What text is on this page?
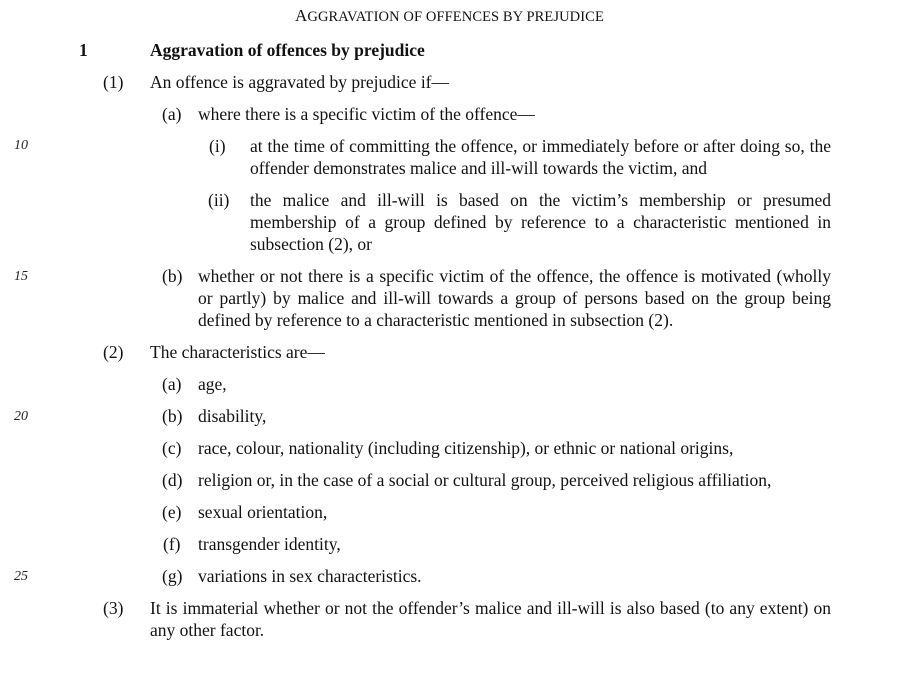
AGGRAVATION OF OFFENCES BY PREJUDICE
1	Aggravation of offences by prejudice
10
15
20
25
(1) An offence is aggravated by prejudice if—
(a) where there is a specific victim of the offence—
(i) at the time of committing the offence, or immediately before or after doing so, the offender demonstrates malice and ill-will towards the victim, and
(ii) the malice and ill-will is based on the victim’s membership or presumed membership of a group defined by reference to a characteristic mentioned in subsection (2), or
(b) whether or not there is a specific victim of the offence, the offence is motivated (wholly or partly) by malice and ill-will towards a group of persons based on the group being defined by reference to a characteristic mentioned in subsection (2).
(2) The characteristics are—
(a) age,
(b) disability,
(c) race, colour, nationality (including citizenship), or ethnic or national origins,
(d) religion or, in the case of a social or cultural group, perceived religious affiliation,
(e) sexual orientation,
(f) transgender identity,
(g) variations in sex characteristics.
(3) It is immaterial whether or not the offender’s malice and ill-will is also based (to any extent) on any other factor.
